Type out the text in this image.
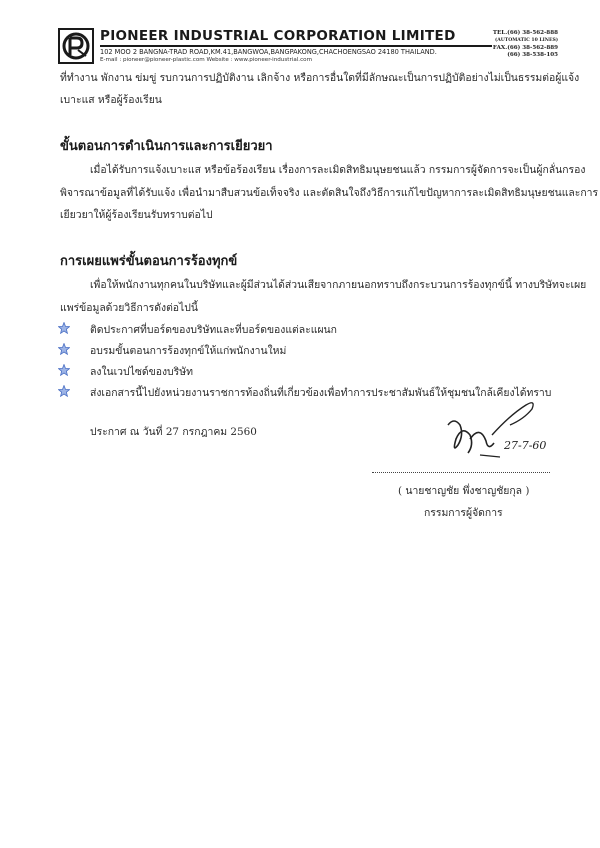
PIONEER INDUSTRIAL CORPORATION LIMITED
102 MOO 2 BANGNA-TRAD ROAD,KM.41,BANGWOA,BANGPAKONG,CHACHOENGSAO 24180 THAILAND.
E-mail : pioneer@pioneer-plastic.com Website : www.pioneer-industrial.com
TEL.(66) 38-562-888
(AUTOMATIC 10 LINES)
FAX.(66) 38-562-889
(66) 38-538-105
ที่ทำงาน พักงาน ข่มขู่ รบกวนการปฏิบัติงาน เลิกจ้าง หรือการอื่นใดที่มีลักษณะเป็นการปฏิบัติอย่างไม่เป็นธรรมต่อผู้แจ้ง
เบาะแส หรือผู้ร้องเรียน
ขั้นตอนการดำเนินการและการเยียวยา
เมื่อได้รับการแจ้งเบาะแส หรือข้อร้องเรียน เรื่องการละเมิดสิทธิมนุษยชนแล้ว กรรมการผู้จัดการจะเป็นผู้กลั่นกรอง
พิจารณาข้อมูลที่ได้รับแจ้ง เพื่อนำมาสืบสวนข้อเท็จจริง และตัดสินใจถึงวิธีการแก้ไขปัญหาการละเมิดสิทธิมนุษยชนและการ
เยียวยาให้ผู้ร้องเรียนรับทราบต่อไป
การเผยแพร่ขั้นตอนการร้องทุกข์
เพื่อให้พนักงานทุกคนในบริษัทและผู้มีส่วนได้ส่วนเสียจากภายนอกทราบถึงกระบวนการร้องทุกข์นี้ ทางบริษัทจะเผย
แพร่ข้อมูลด้วยวิธีการดังต่อไปนี้
ติดประกาศที่บอร์ดของบริษัทและที่บอร์ดของแต่ละแผนก
อบรมขั้นตอนการร้องทุกข์ให้แก่พนักงานใหม่
ลงในเวปไซด์ของบริษัท
ส่งเอกสารนี้ไปยังหน่วยงานราชการท้องถิ่นที่เกี่ยวข้องเพื่อทำการประชาสัมพันธ์ให้ชุมชนใกล้เคียงได้ทราบ
ประกาศ ณ วันที่ 27 กรกฎาคม 2560
27-7-60
( นายชาญชัย พึ่งชาญชัยกุล )
กรรมการผู้จัดการ
